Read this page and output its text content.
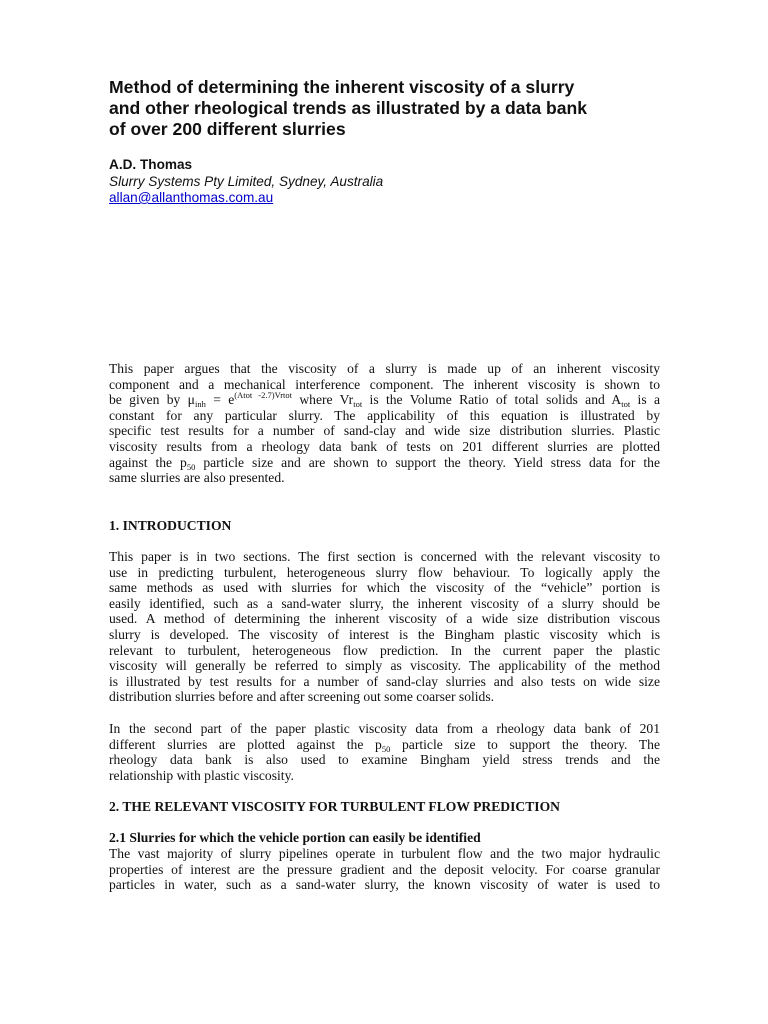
Method of determining the inherent viscosity of a slurry
and other rheological trends as illustrated by a data bank
of over 200 different slurries
A.D. Thomas
Slurry Systems Pty Limited, Sydney, Australia
allan@allanthomas.com.au
This paper argues that the viscosity of a slurry is made up of an inherent viscosity
component and a mechanical interference component. The inherent viscosity is shown to
be given by $\mu_{inh} = e^{(Atot -2.7)Vrtot}$ where $Vr_{tot}$ is the Volume Ratio of total solids and $A_{tot}$ is a
constant for any particular slurry. The applicability of this equation is illustrated by
specific test results for a number of sand-clay and wide size distribution slurries. Plastic
viscosity results from a rheology data bank of tests on 201 different slurries are plotted
against the $p_{50}$ particle size and are shown to support the theory. Yield stress data for the
same slurries are also presented.
1. INTRODUCTION
This paper is in two sections. The first section is concerned with the relevant viscosity to
use in predicting turbulent, heterogeneous slurry flow behaviour. To logically apply the
same methods as used with slurries for which the viscosity of the “vehicle” portion is
easily identified, such as a sand-water slurry, the inherent viscosity of a slurry should be
used. A method of determining the inherent viscosity of a wide size distribution viscous
slurry is developed. The viscosity of interest is the Bingham plastic viscosity which is
relevant to turbulent, heterogeneous flow prediction. In the current paper the plastic
viscosity will generally be referred to simply as viscosity. The applicability of the method
is illustrated by test results for a number of sand-clay slurries and also tests on wide size
distribution slurries before and after screening out some coarser solids.
In the second part of the paper plastic viscosity data from a rheology data bank of 201
different slurries are plotted against the $p_{50}$ particle size to support the theory. The
rheology data bank is also used to examine Bingham yield stress trends and the
relationship with plastic viscosity.
2. THE RELEVANT VISCOSITY FOR TURBULENT FLOW PREDICTION
2.1 Slurries for which the vehicle portion can easily be identified
The vast majority of slurry pipelines operate in turbulent flow and the two major hydraulic
properties of interest are the pressure gradient and the deposit velocity. For coarse granular
particles in water, such as a sand-water slurry, the known viscosity of water is used to
